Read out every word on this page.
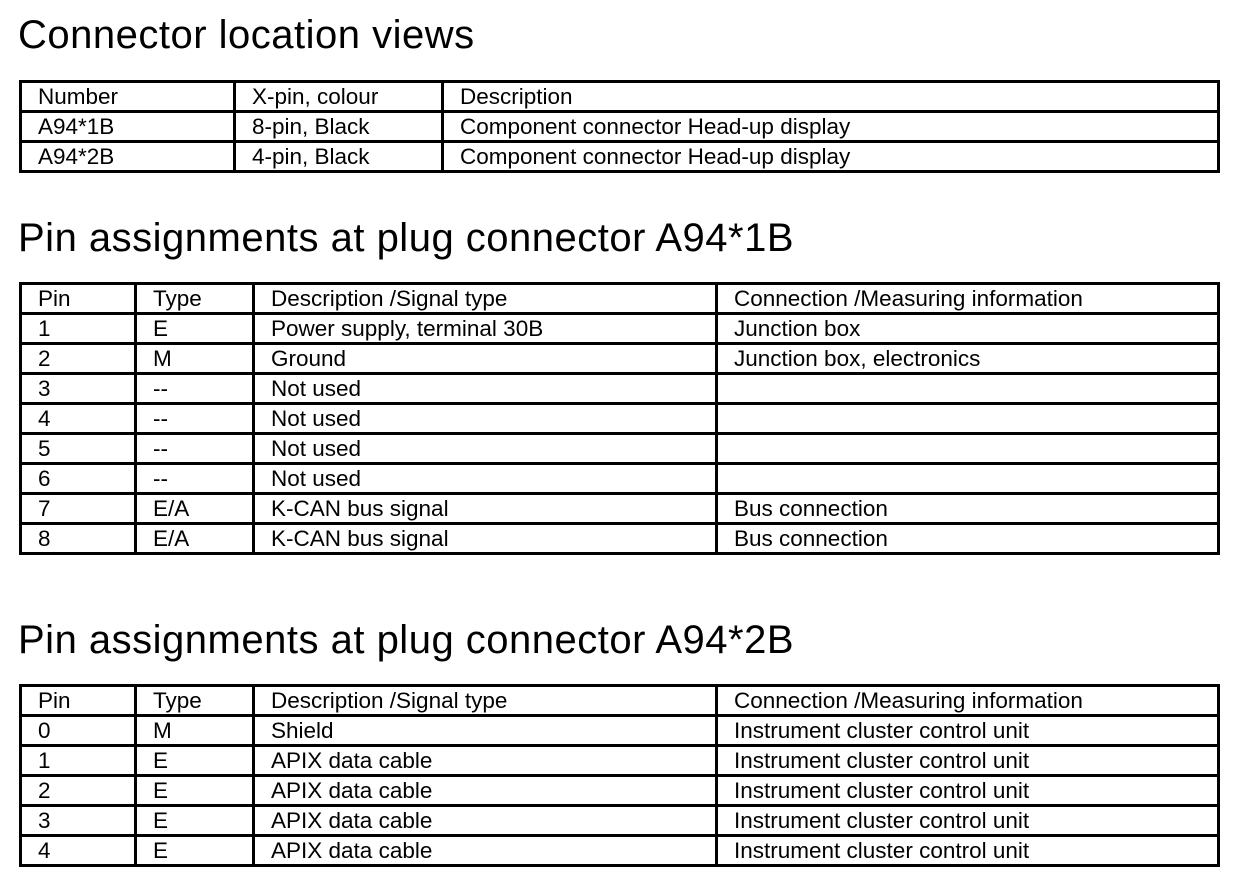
Connector location views
Number	X-pin, colour	Description
A94*1B	8-pin, Black	Component connector Head-up display
A94*2B	4-pin, Black	Component connector Head-up display
Pin assignments at plug connector A94*1B
Pin	Type	Description /Signal type	Connection /Measuring information
1	E	Power supply, terminal 30B	Junction box
2	M	Ground	Junction box, electronics
3	--	Not used	
4	--	Not used	
5	--	Not used	
6	--	Not used	
7	E/A	K-CAN bus signal	Bus connection
8	E/A	K-CAN bus signal	Bus connection
Pin assignments at plug connector A94*2B
Pin	Type	Description /Signal type	Connection /Measuring information
0	M	Shield	Instrument cluster control unit
1	E	APIX data cable	Instrument cluster control unit
2	E	APIX data cable	Instrument cluster control unit
3	E	APIX data cable	Instrument cluster control unit
4	E	APIX data cable	Instrument cluster control unit
